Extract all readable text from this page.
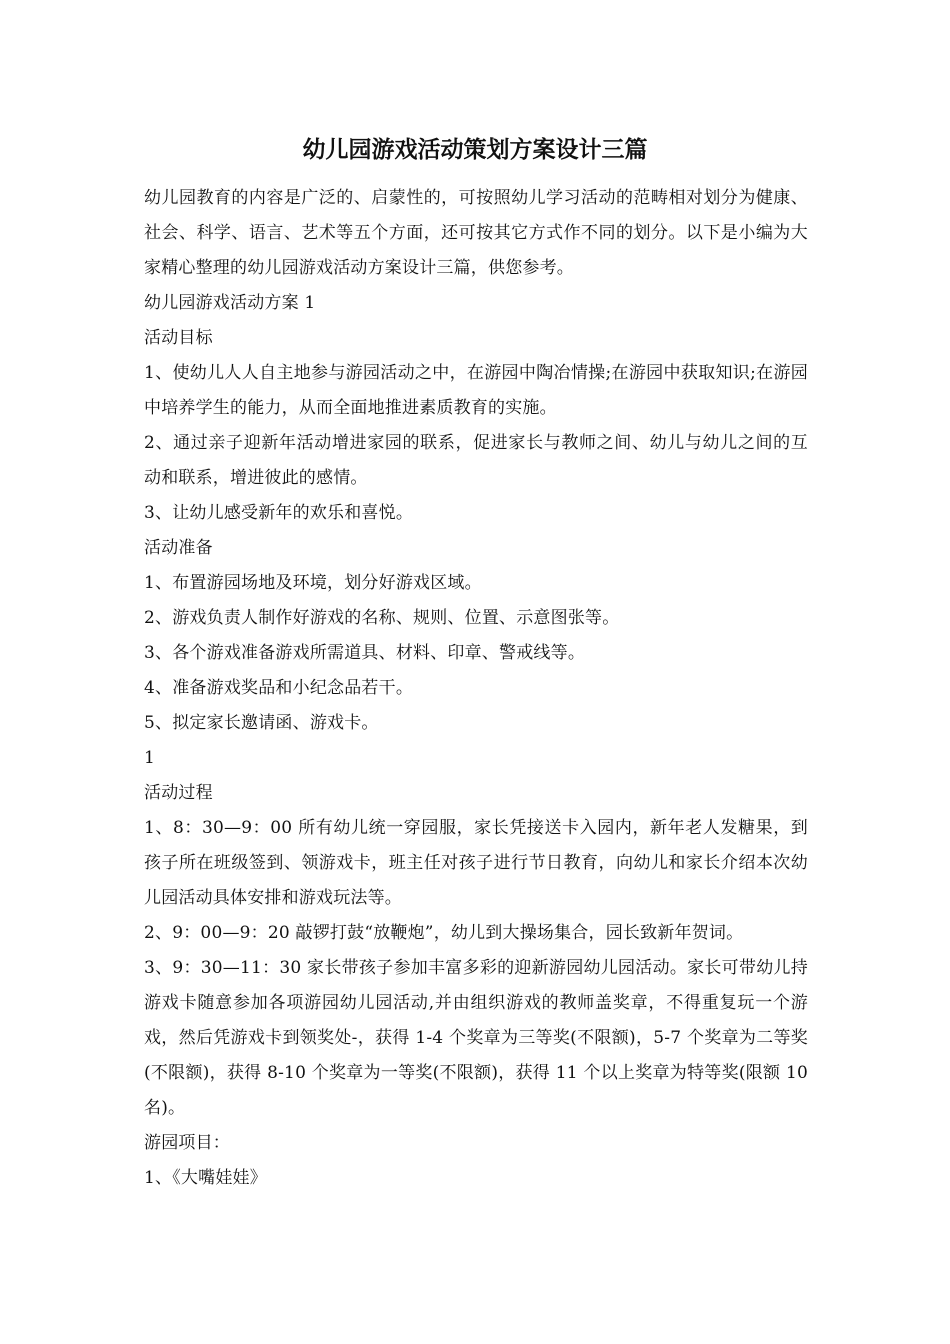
幼儿园游戏活动策划方案设计三篇

幼儿园教育的内容是广泛的、启蒙性的，可按照幼儿学习活动的范畴相对划分为健康、社会、科学、语言、艺术等五个方面，还可按其它方式作不同的划分。以下是小编为大家精心整理的幼儿园游戏活动方案设计三篇，供您参考。

幼儿园游戏活动方案 1

活动目标

1、使幼儿人人自主地参与游园活动之中，在游园中陶冶情操;在游园中获取知识;在游园中培养学生的能力，从而全面地推进素质教育的实施。

2、通过亲子迎新年活动增进家园的联系，促进家长与教师之间、幼儿与幼儿之间的互动和联系，增进彼此的感情。

3、让幼儿感受新年的欢乐和喜悦。

活动准备

1、布置游园场地及环境，划分好游戏区域。

2、游戏负责人制作好游戏的名称、规则、位置、示意图张等。

3、各个游戏准备游戏所需道具、材料、印章、警戒线等。

4、准备游戏奖品和小纪念品若干。

5、拟定家长邀请函、游戏卡。

1

活动过程

1、8：30—9：00 所有幼儿统一穿园服，家长凭接送卡入园内，新年老人发糖果，到孩子所在班级签到、领游戏卡，班主任对孩子进行节日教育，向幼儿和家长介绍本次幼儿园活动具体安排和游戏玩法等。

2、9：00—9：20 敲锣打鼓“放鞭炮”，幼儿到大操场集合，园长致新年贺词。

3、9：30—11：30 家长带孩子参加丰富多彩的迎新游园幼儿园活动。家长可带幼儿持游戏卡随意参加各项游园幼儿园活动,并由组织游戏的教师盖奖章，不得重复玩一个游戏，然后凭游戏卡到领奖处-，获得 1-4 个奖章为三等奖(不限额)，5-7 个奖章为二等奖(不限额)，获得 8-10 个奖章为一等奖(不限额)，获得 11 个以上奖章为特等奖(限额 10 名)。

游园项目：

1、《大嘴娃娃》
